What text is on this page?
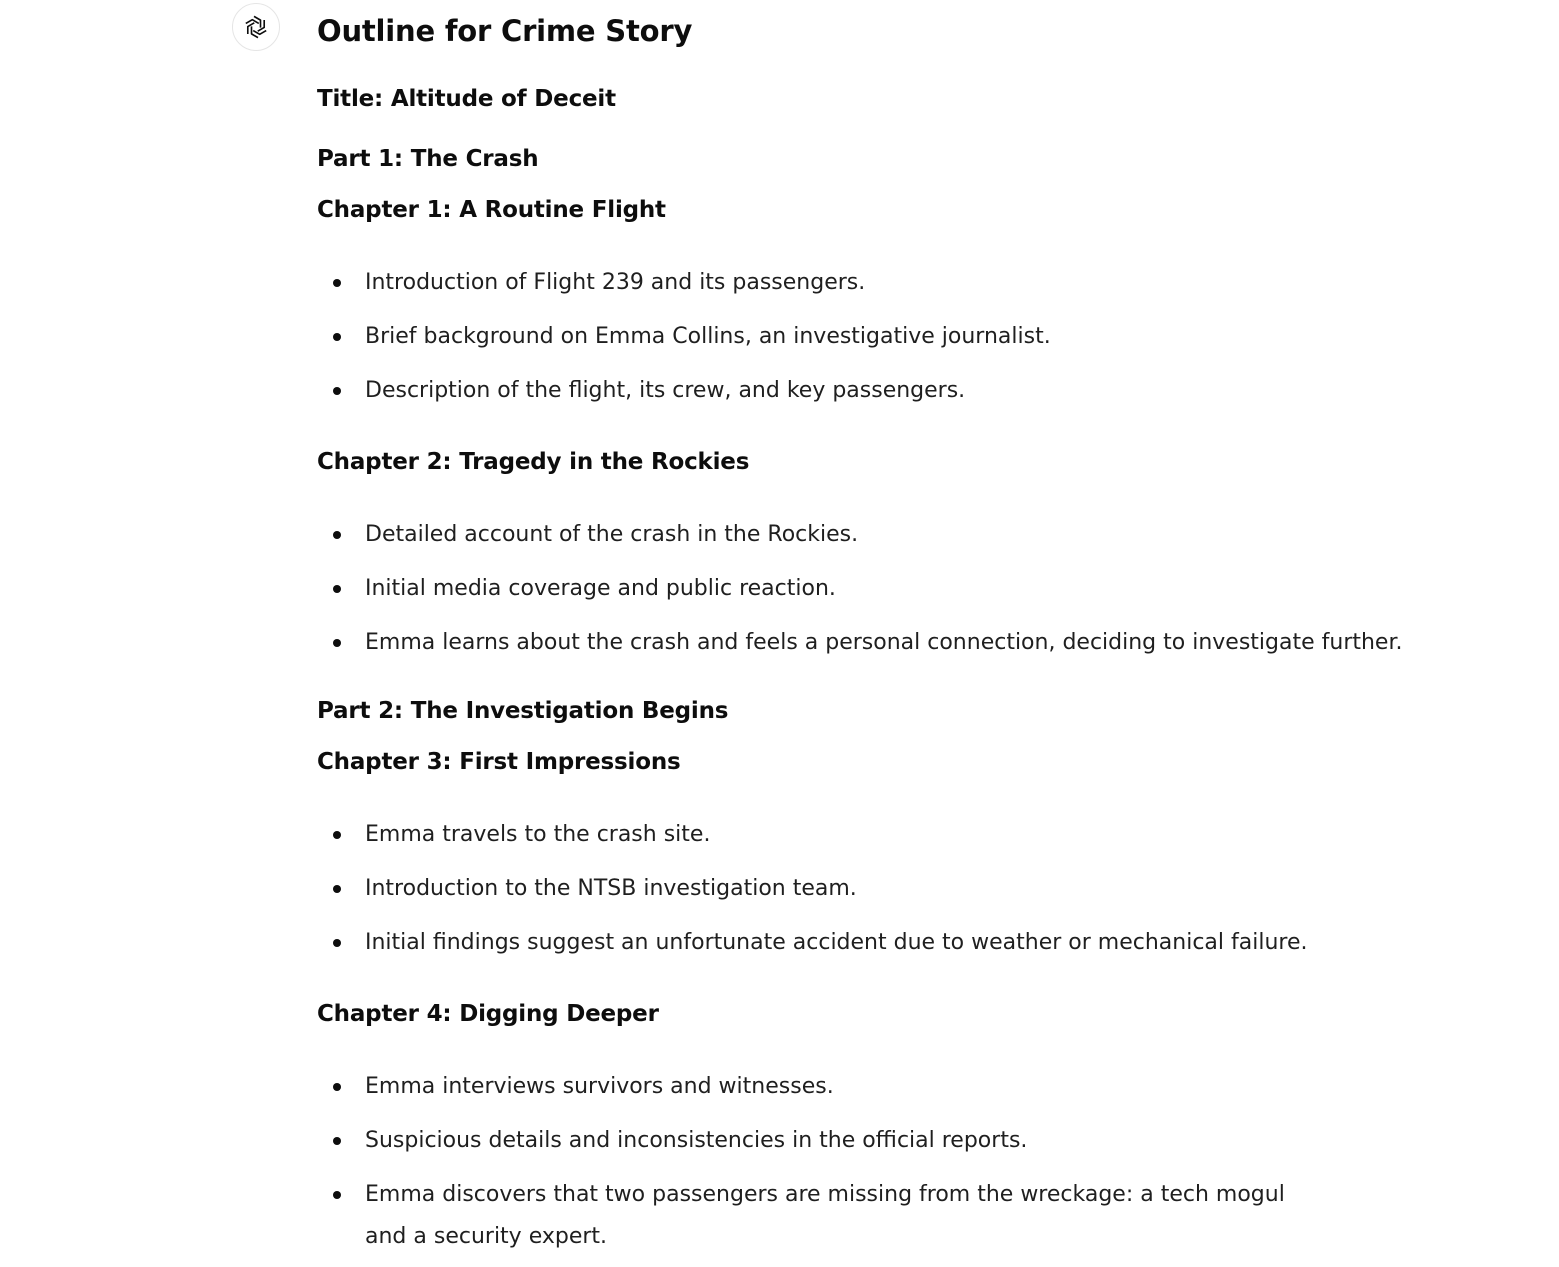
Outline for Crime Story
Title: Altitude of Deceit
Part 1: The Crash
Chapter 1: A Routine Flight
Introduction of Flight 239 and its passengers.
Brief background on Emma Collins, an investigative journalist.
Description of the flight, its crew, and key passengers.
Chapter 2: Tragedy in the Rockies
Detailed account of the crash in the Rockies.
Initial media coverage and public reaction.
Emma learns about the crash and feels a personal connection, deciding to investigate further.
Part 2: The Investigation Begins
Chapter 3: First Impressions
Emma travels to the crash site.
Introduction to the NTSB investigation team.
Initial findings suggest an unfortunate accident due to weather or mechanical failure.
Chapter 4: Digging Deeper
Emma interviews survivors and witnesses.
Suspicious details and inconsistencies in the official reports.
Emma discovers that two passengers are missing from the wreckage: a tech mogul and a security expert.
